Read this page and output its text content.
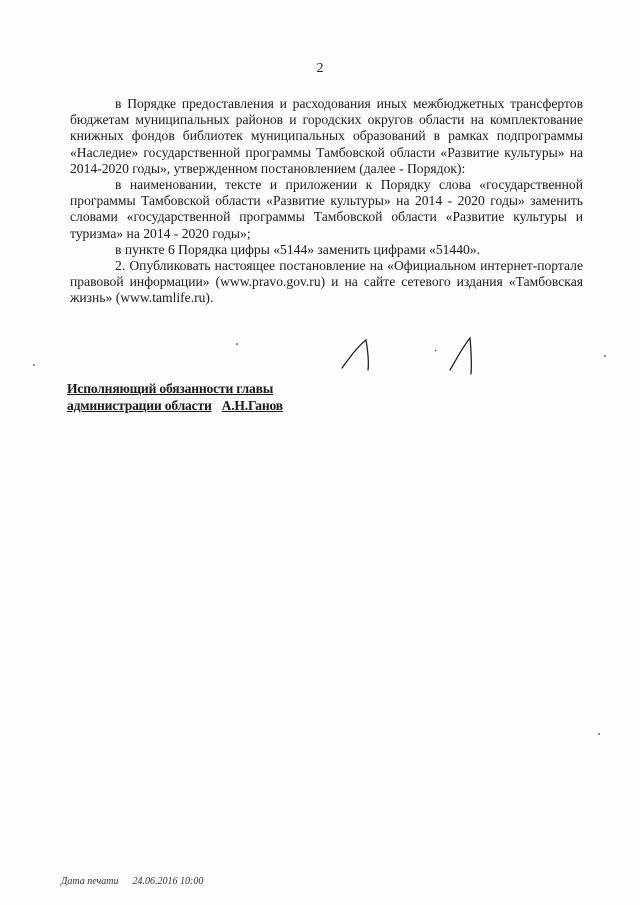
2

в Порядке предоставления и расходования иных межбюджетных трансфертов бюджетам муниципальных районов и городских округов области на комплектование книжных фондов библиотек муниципальных образований в рамках подпрограммы «Наследие» государственной программы Тамбовской области «Развитие культуры» на 2014-2020 годы», утвержденном постановлением (далее - Порядок):

в наименовании, тексте и приложении к Порядку слова «государственной программы Тамбовской области «Развитие культуры» на 2014 - 2020 годы» заменить словами «государственной программы Тамбовской области «Развитие культуры и туризма» на 2014 - 2020 годы»;

в пункте 6 Порядка цифры «5144» заменить цифрами «51440».

2. Опубликовать настоящее постановление на «Официальном интернет-портале правовой информации» (www.pravo.gov.ru) и на сайте сетевого издания «Тамбовская жизнь» (www.tamlife.ru).

Исполняющий обязанности главы
администрации области А.Н.Ганов
Дата печати 24.06.2016 10:00
